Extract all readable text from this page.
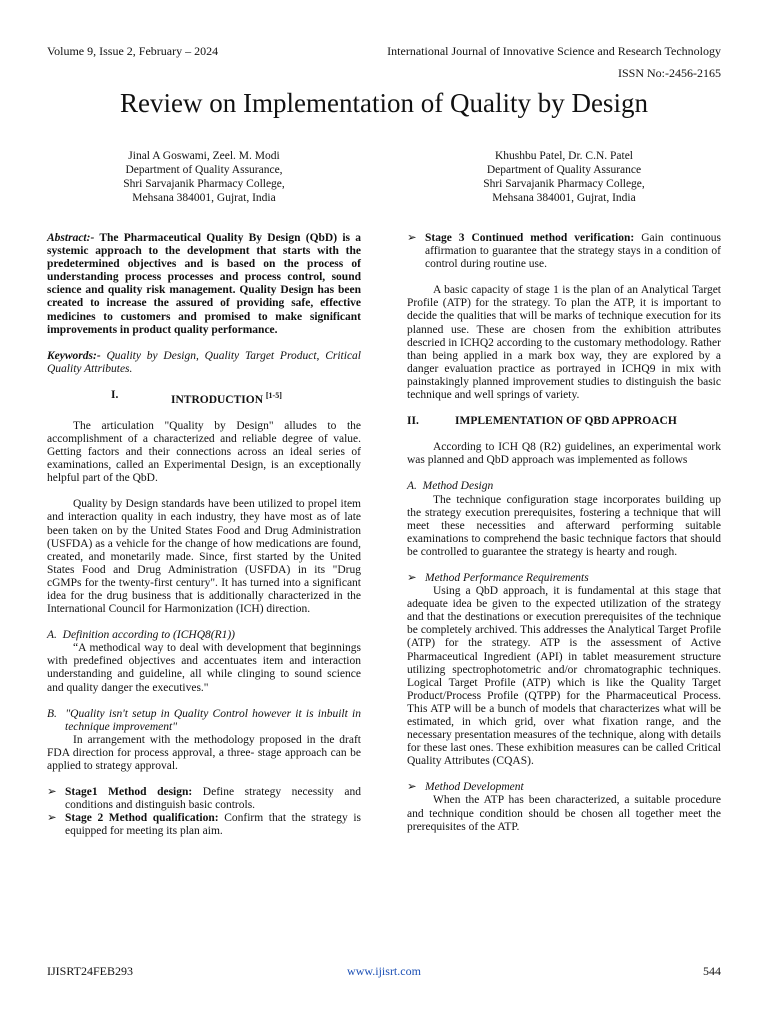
Volume 9, Issue 2, February – 2024	International Journal of Innovative Science and Research Technology
ISSN No:-2456-2165
Review on Implementation of Quality by Design
Jinal A Goswami, Zeel. M. Modi
Department of Quality Assurance,
Shri Sarvajanik Pharmacy College,
Mehsana 384001, Gujrat, India
Khushbu Patel, Dr. C.N. Patel
Department of Quality Assurance
Shri Sarvajanik Pharmacy College,
Mehsana 384001, Gujrat, India

Abstract:- The Pharmaceutical Quality By Design (QbD) is a systemic approach to the development that starts with the predetermined objectives and is based on the process of understanding process processes and process control, sound science and quality risk management. Quality Design has been created to increase the assured of providing safe, effective medicines to customers and promised to make significant improvements in product quality performance.

Keywords:- Quality by Design, Quality Target Product, Critical Quality Attributes.

I.	INTRODUCTION [1-5]

The articulation "Quality by Design" alludes to the accomplishment of a characterized and reliable degree of value. Getting factors and their connections across an ideal series of examinations, called an Experimental Design, is an exceptionally helpful part of the QbD.

Quality by Design standards have been utilized to propel item and interaction quality in each industry, they have most as of late been taken on by the United States Food and Drug Administration (USFDA) as a vehicle for the change of how medications are found, created, and monetarily made. Since, first started by the United States Food and Drug Administration (USFDA) in its "Drug cGMPs for the twenty-first century". It has turned into a significant idea for the drug business that is additionally characterized in the International Council for Harmonization (ICH) direction.

A.  Definition according to (ICHQ8(R1))

“A methodical way to deal with development that beginnings with predefined objectives and accentuates item and interaction understanding and guideline, all while clinging to sound science and quality danger the executives."

B.  "Quality isn't setup in Quality Control however it is inbuilt in technique improvement"

In arrangement with the methodology proposed in the draft FDA direction for process approval, a three- stage approach can be applied to strategy approval.

➢ Stage1 Method design: Define strategy necessity and conditions and distinguish basic controls.
➢ Stage 2 Method qualification: Confirm that the strategy is equipped for meeting its plan aim.
➢ Stage 3 Continued method verification: Gain continuous affirmation to guarantee that the strategy stays in a condition of control during routine use.

A basic capacity of stage 1 is the plan of an Analytical Target Profile (ATP) for the strategy. To plan the ATP, it is important to decide the qualities that will be marks of technique execution for its planned use. These are chosen from the exhibition attributes descried in ICHQ2 according to the customary methodology. Rather than being applied in a mark box way, they are explored by a danger evaluation practice as portrayed in ICHQ9 in mix with painstakingly planned improvement studies to distinguish the basic technique and well springs of variety.

II.	IMPLEMENTATION OF QBD APPROACH

According to ICH Q8 (R2) guidelines, an experimental work was planned and QbD approach was implemented as follows

A.  Method Design

The technique configuration stage incorporates building up the strategy execution prerequisites, fostering a technique that will meet these necessities and afterward performing suitable examinations to comprehend the basic technique factors that should be controlled to guarantee the strategy is hearty and rough.

➢ Method Performance Requirements

Using a QbD approach, it is fundamental at this stage that adequate idea be given to the expected utilization of the strategy and that the destinations or execution prerequisites of the technique be completely archived. This addresses the Analytical Target Profile (ATP) for the strategy. ATP is the assessment of Active Pharmaceutical Ingredient (API) in tablet measurement structure utilizing spectrophotometric and/or chromatographic techniques. Logical Target Profile (ATP) which is like the Quality Target Product/Process Profile (QTPP) for the Pharmaceutical Process. This ATP will be a bunch of models that characterizes what will be estimated, in which grid, over what fixation range, and the necessary presentation measures of the technique, along with details for these last ones. These exhibition measures can be called Critical Quality Attributes (CQAS).

➢ Method Development

When the ATP has been characterized, a suitable procedure and technique condition should be chosen all together meet the prerequisites of the ATP.

IJISRT24FEB293	www.ijisrt.com	544
